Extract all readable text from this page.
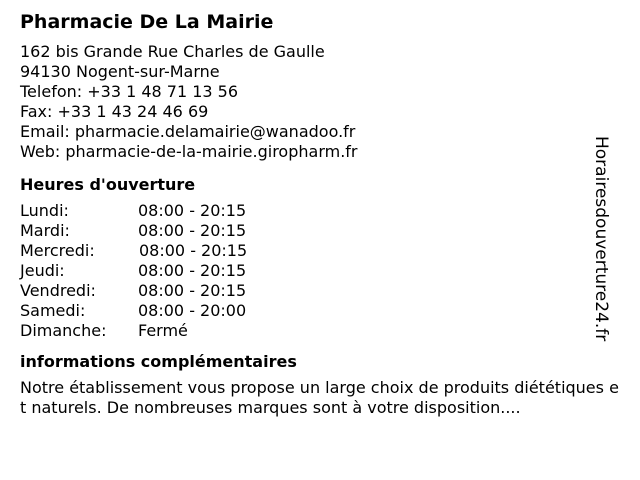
Pharmacie De La Mairie
162 bis Grande Rue Charles de Gaulle
94130 Nogent-sur-Marne
Telefon: +33 1 48 71 13 56
Fax: +33 1 43 24 46 69
Email: pharmacie.delamairie@wanadoo.fr
Web: pharmacie-de-la-mairie.giropharm.fr
Heures d'ouverture
Lundi:	08:00 - 20:15
Mardi:	08:00 - 20:15
Mercredi:	08:00 - 20:15
Jeudi:	08:00 - 20:15
Vendredi:	08:00 - 20:15
Samedi:	08:00 - 20:00
Dimanche: Fermé
informations complémentaires
Notre établissement vous propose un large choix de produits diététiques et naturels. De nombreuses marques sont à votre disposition....
Horairesdouverture24.fr
